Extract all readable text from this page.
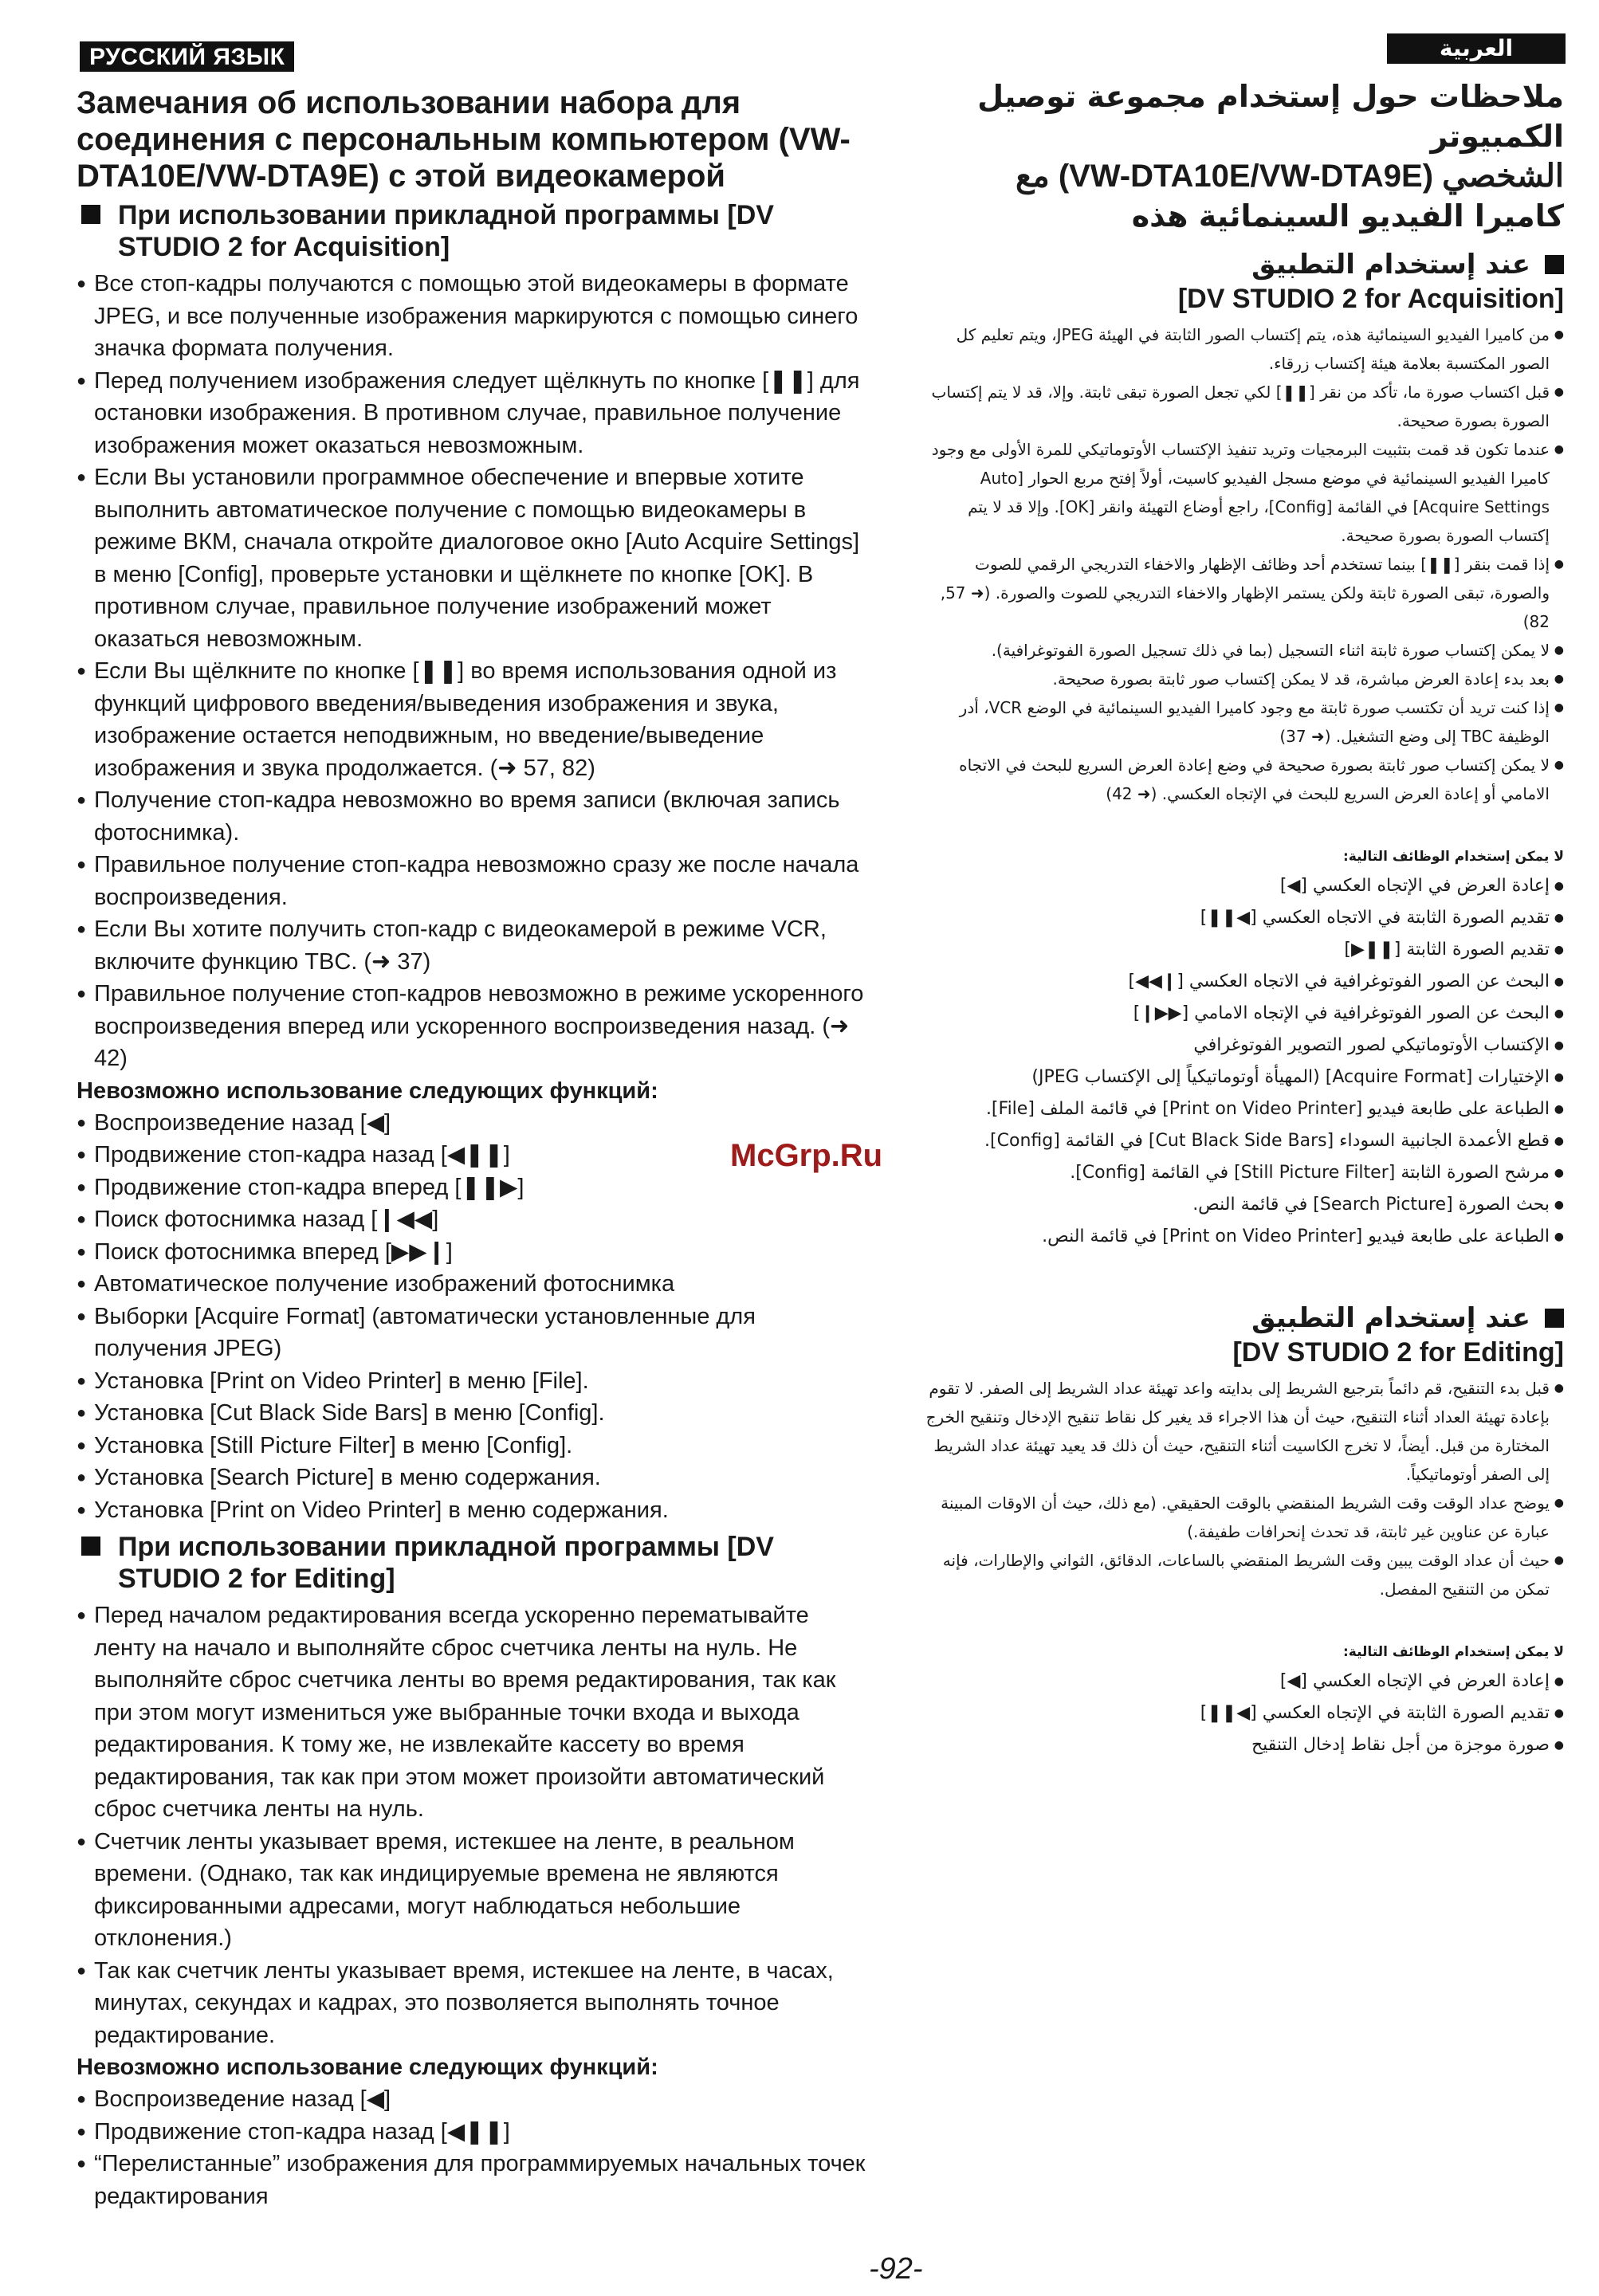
РУССКИЙ ЯЗЫК	العربية
Замечания об использовании набора для соединения с персональным компьютером (VW-DTA10E/VW-DTA9E) с этой видеокамерой
При использовании прикладной программы [DV STUDIO 2 for Acquisition]
● Все стоп-кадры получаются с помощью этой видеокамеры в формате JPEG, и все полученные изображения маркируются с помощью синего значка формата получения.
● Перед получением изображения следует щёлкнуть по кнопке [❚❚] для остановки изображения. В противном случае, правильное получение изображения может оказаться невозможным.
● Если Вы установили программное обеспечение и впервые хотите выполнить автоматическое получение с помощью видеокамеры в режиме ВКМ, сначала откройте диалоговое окно [Auto Acquire Settings] в меню [Config], проверьте установки и щёлкнете по кнопке [OK]. В противном случае, правильное получение изображений может оказаться невозможным.
● Если Вы щёлкните по кнопке [❚❚] во время использования одной из функций цифрового введения/выведения изображения и звука, изображение остается неподвижным, но введение/выведение изображения и звука продолжается. (➜ 57, 82)
● Получение стоп-кадра невозможно во время записи (включая запись фотоснимка).
● Правильное получение стоп-кадра невозможно сразу же после начала воспроизведения.
● Если Вы хотите получить стоп-кадр с видеокамерой в режиме VCR, включите функцию TBC. (➜ 37)
● Правильное получение стоп-кадров невозможно в режиме ускоренного воспроизведения вперед или ускоренного воспроизведения назад. (➜ 42)
Невозможно использование следующих функций:
● Воспроизведение назад [◀]
● Продвижение стоп-кадра назад [◀❚❚]
● Продвижение стоп-кадра вперед [❚❚▶]
● Поиск фотоснимка назад [❙◀◀]
● Поиск фотоснимка вперед [▶▶❙]
● Автоматическое получение изображений фотоснимка
● Выборки [Acquire Format] (автоматически установленные для получения JPEG)
● Установка [Print on Video Printer] в меню [File].
● Установка [Cut Black Side Bars] в меню [Config].
● Установка [Still Picture Filter] в меню [Config].
● Установка [Search Picture] в меню содержания.
● Установка [Print on Video Printer] в меню содержания.
При использовании прикладной программы [DV STUDIO 2 for Editing]
● Перед началом редактирования всегда ускоренно перематывайте ленту на начало и выполняйте сброс счетчика ленты на нуль. Не выполняйте сброс счетчика ленты во время редактирования, так как при этом могут измениться уже выбранные точки входа и выхода редактирования. К тому же, не извлекайте кассету во время редактирования, так как при этом может произойти автоматический сброс счетчика ленты на нуль.
● Счетчик ленты указывает время, истекшее на ленте, в реальном времени. (Однако, так как индицируемые времена не являются фиксированными адресами, могут наблюдаться небольшие отклонения.)
● Так как счетчик ленты указывает время, истекшее на ленте, в часах, минутах, секундах и кадрах, это позволяется выполнять точное редактирование.
Невозможно использование следующих функций:
● Воспроизведение назад [◀]
● Продвижение стоп-кадра назад [◀❚❚]
● “Перелистанные” изображения для программируемых начальных точек редактирования
ملاحظات حول إستخدام مجموعة توصيل الكمبيوتر
الشخصي (VW-DTA10E/VW-DTA9E) مع
كاميرا الفيديو السينمائية هذه
عند إستخدام التطبيق
[DV STUDIO 2 for Acquisition]
● من كاميرا الفيديو السينمائية هذه، يتم إكتساب الصور الثابتة في الهيئة JPEG، ويتم تعليم كل الصور المكتسبة بعلامة هيئة إكتساب زرقاء.
● قبل اكتساب صورة ما، تأكد من نقر [❚❚] لكي تجعل الصورة تبقى ثابتة. وإلا، قد لا يتم إكتساب الصورة بصورة صحيحة.
● عندما تكون قد قمت بتثبيت البرمجيات وتريد تنفيذ الإكتساب الأوتوماتيكي للمرة الأولى مع وجود كاميرا الفيديو السينمائية في موضع مسجل الفيديو كاسيت، أولاً إفتح مربع الحوار [Auto Acquire Settings] في القائمة [Config]، راجع أوضاع التهيئة وانقر [OK]. وإلا قد لا يتم إكتساب الصورة بصورة صحيحة.
● إذا قمت بنقر [❚❚] بينما تستخدم أحد وظائف الإظهار والاخفاء التدريجي الرقمي للصوت والصورة، تبقى الصورة ثابتة ولكن يستمر الإظهار والاخفاء التدريجي للصوت والصورة. (➜ 57, 82)
● لا يمكن إكتساب صورة ثابتة اثناء التسجيل (بما في ذلك تسجيل الصورة الفوتوغرافية).
● بعد بدء إعادة العرض مباشرة، قد لا يمكن إكتساب صور ثابتة بصورة صحيحة.
● إذا كنت تريد أن تكتسب صورة ثابتة مع وجود كاميرا الفيديو السينمائية في الوضع VCR، أدر الوظيفة TBC إلى وضع التشغيل. (➜ 37)
● لا يمكن إكتساب صور ثابتة بصورة صحيحة في وضع إعادة العرض السريع للبحث في الاتجاه الامامي أو إعادة العرض السريع للبحث في الإتجاه العكسي. (➜ 42)
لا يمكن إستخدام الوظائف التالية:
● إعادة العرض في الإتجاه العكسي [◀]
● تقديم الصورة الثابتة في الاتجاه العكسي [◀❚❚]
● تقديم الصورة الثابتة [❚❚▶]
● البحث عن الصور الفوتوغرافية في الاتجاه العكسي [❙◀◀]
● البحث عن الصور الفوتوغرافية في الإتجاه الامامي [▶▶❙]
● الإكتساب الأوتوماتيكي لصور التصوير الفوتوغرافي
● الإختيارات [Acquire Format] (المهيأة أوتوماتيكياً إلى الإكتساب JPEG)
● الطباعة على طابعة فيديو [Print on Video Printer] في قائمة الملف [File].
● قطع الأعمدة الجانبية السوداء [Cut Black Side Bars] في القائمة [Config].
● مرشح الصورة الثابتة [Still Picture Filter] في القائمة [Config].
● بحث الصورة [Search Picture] في قائمة النص.
● الطباعة على طابعة فيديو [Print on Video Printer] في قائمة النص.
عند إستخدام التطبيق
[DV STUDIO 2 for Editing]
● قبل بدء التنقيح، قم دائماً بترجيع الشريط إلى بدايته واعد تهيئة عداد الشريط إلى الصفر. لا تقوم بإعادة تهيئة العداد أثناء التنقيح، حيث أن هذا الاجراء قد يغير كل نقاط تنقيح الإدخال وتنقيح الخرج المختارة من قبل. أيضاً، لا تخرج الكاسيت أثناء التنقيح، حيث أن ذلك قد يعيد تهيئة عداد الشريط إلى الصفر أوتوماتيكياً.
● يوضح عداد الوقت وقت الشريط المنقضي بالوقت الحقيقي. (مع ذلك، حيث أن الاوقات المبينة عبارة عن عناوين غير ثابتة، قد تحدث إنحرافات طفيفة.)
● حيث أن عداد الوقت يبين وقت الشريط المنقضي بالساعات، الدقائق، الثواني والإطارات، فإنه تمكن من التنقيح المفصل.
لا يمكن إستخدام الوظائف التالية:
● إعادة العرض في الإتجاه العكسي [◀]
● تقديم الصورة الثابتة في الإتجاه العكسي [◀❚❚]
● صورة موجزة من أجل نقاط إدخال التنقيح
McGrp.Ru
-92-
